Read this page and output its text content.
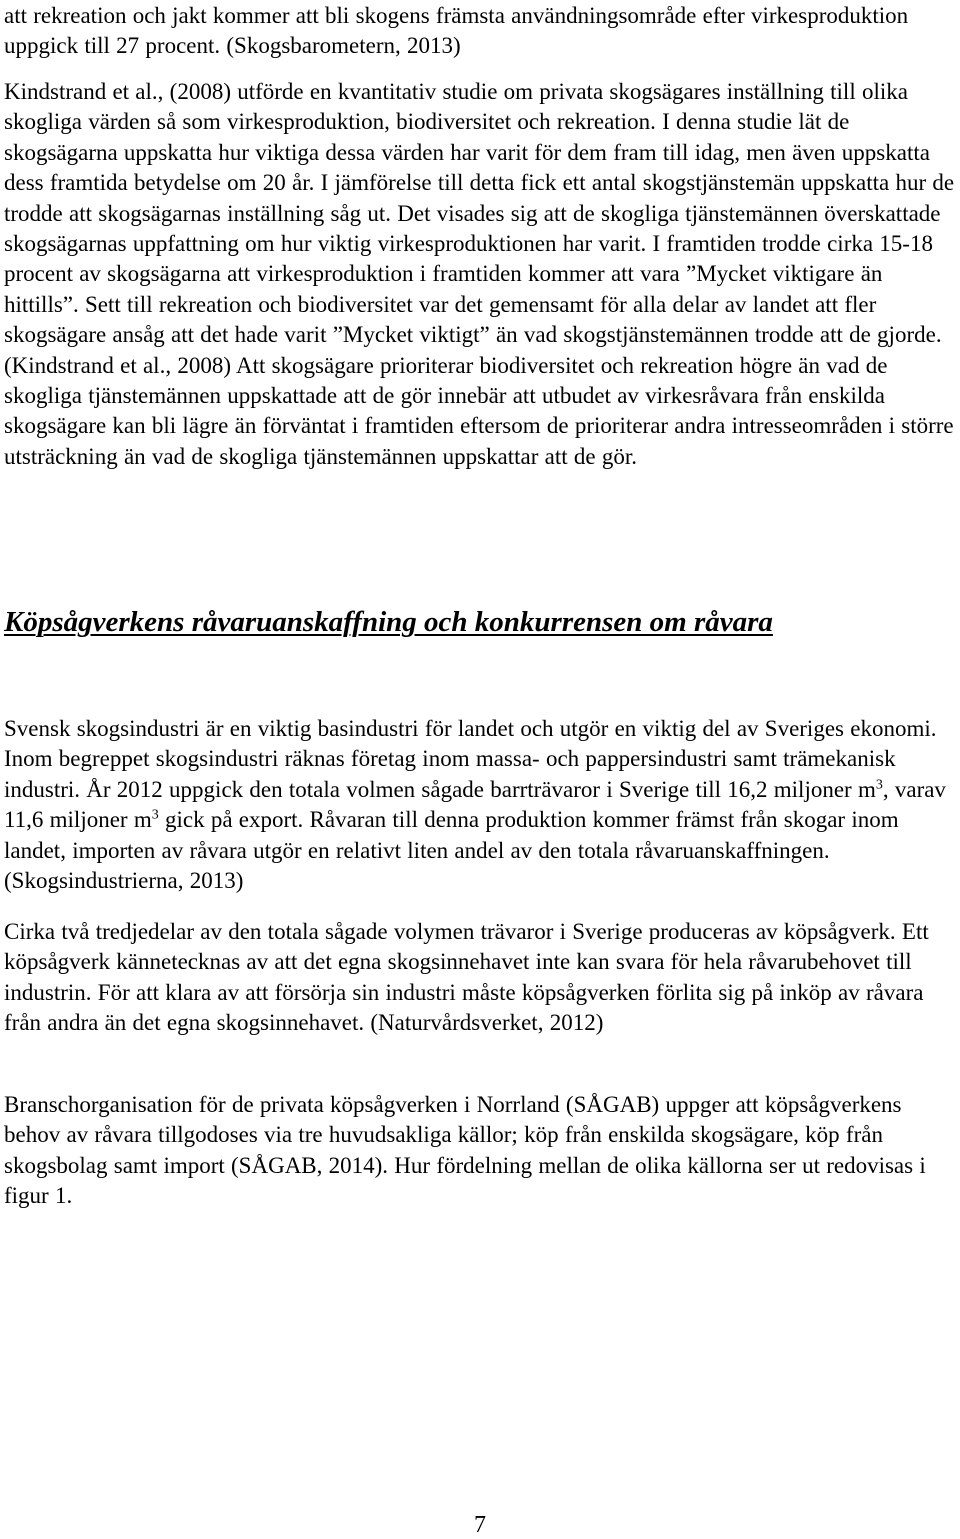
att rekreation och jakt kommer att bli skogens främsta användningsområde efter virkesproduktion uppgick till 27 procent. (Skogsbarometern, 2013)

Kindstrand et al., (2008) utförde en kvantitativ studie om privata skogsägares inställning till olika skogliga värden så som virkesproduktion, biodiversitet och rekreation. I denna studie lät de skogsägarna uppskatta hur viktiga dessa värden har varit för dem fram till idag, men även uppskatta dess framtida betydelse om 20 år. I jämförelse till detta fick ett antal skogstjänstemän uppskatta hur de trodde att skogsägarnas inställning såg ut. Det visades sig att de skogliga tjänstemännen överskattade skogsägarnas uppfattning om hur viktig virkesproduktionen har varit. I framtiden trodde cirka 15-18 procent av skogsägarna att virkesproduktion i framtiden kommer att vara ”Mycket viktigare än hittills”. Sett till rekreation och biodiversitet var det gemensamt för alla delar av landet att fler skogsägare ansåg att det hade varit ”Mycket viktigt” än vad skogstjänstemännen trodde att de gjorde. (Kindstrand et al., 2008) Att skogsägare prioriterar biodiversitet och rekreation högre än vad de skogliga tjänstemännen uppskattade att de gör innebär att utbudet av virkesråvara från enskilda skogsägare kan bli lägre än förväntat i framtiden eftersom de prioriterar andra intresseområden i större utsträckning än vad de skogliga tjänstemännen uppskattar att de gör.

Köpsågverkens råvaruanskaffning och konkurrensen om råvara

Svensk skogsindustri är en viktig basindustri för landet och utgör en viktig del av Sveriges ekonomi. Inom begreppet skogsindustri räknas företag inom massa- och pappersindustri samt trämekanisk industri. År 2012 uppgick den totala volmen sågade barrträvaror i Sverige till 16,2 miljoner $m^3$, varav 11,6 miljoner $m^3$ gick på export. Råvaran till denna produktion kommer främst från skogar inom landet, importen av råvara utgör en relativt liten andel av den totala råvaruanskaffningen. (Skogsindustrierna, 2013)

Cirka två tredjedelar av den totala sågade volymen trävaror i Sverige produceras av köpsågverk. Ett köpsågverk kännetecknas av att det egna skogsinnehavet inte kan svara för hela råvarubehovet till industrin. För att klara av att försörja sin industri måste köpsågverken förlita sig på inköp av råvara från andra än det egna skogsinnehavet. (Naturvårdsverket, 2012)

Branschorganisation för de privata köpsågverken i Norrland (SÅGAB) uppger att köpsågverkens behov av råvara tillgodoses via tre huvudsakliga källor; köp från enskilda skogsägare, köp från skogsbolag samt import (SÅGAB, 2014). Hur fördelning mellan de olika källorna ser ut redovisas i figur 1.

7
